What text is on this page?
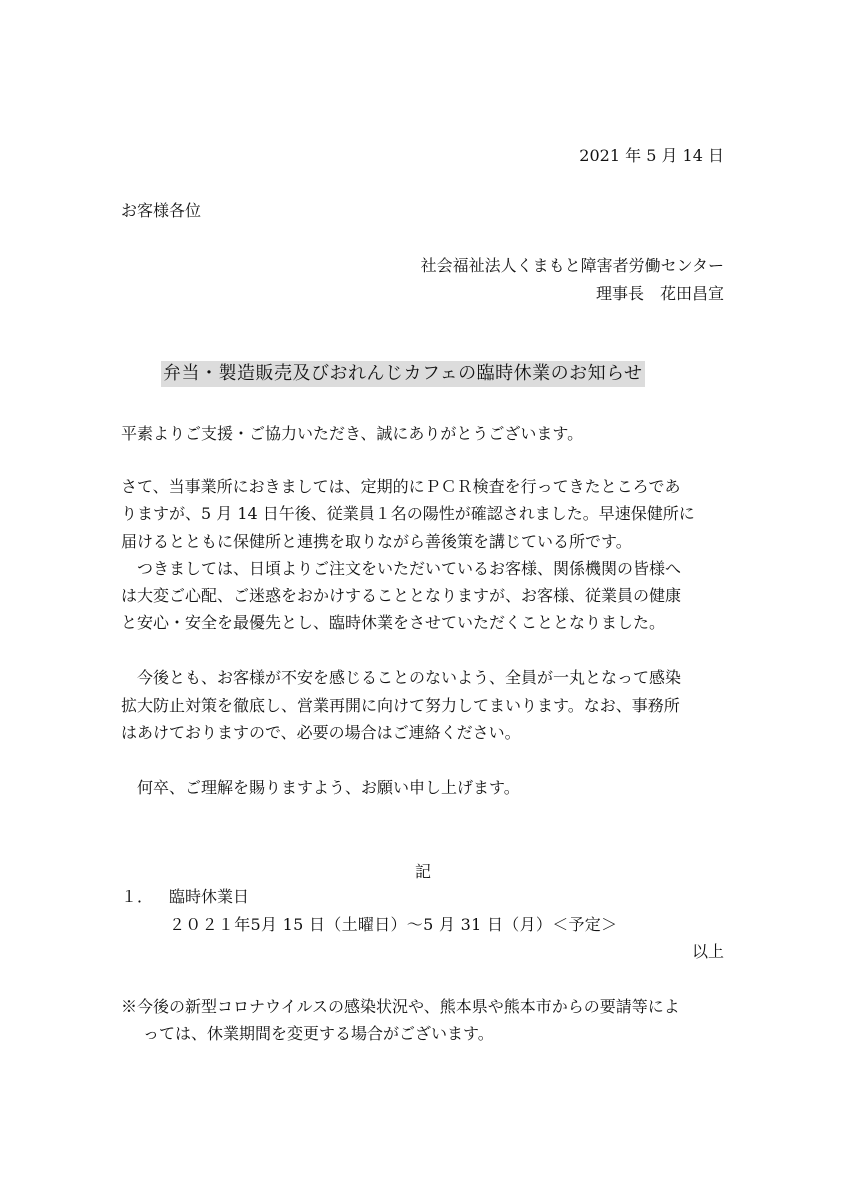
2021 年 5 月 14 日

お客様各位

社会福祉法人くまもと障害者労働センター

理事長　花田昌宣

弁当・製造販売及びおれんじカフェの臨時休業のお知らせ

平素よりご支援・ご協力いただき、誠にありがとうございます。

さて、当事業所におきましては、定期的にＰＣＲ検査を行ってきたところであ

りますが、5 月 14 日午後、従業員１名の陽性が確認されました。早速保健所に

届けるとともに保健所と連携を取りながら善後策を講じている所です。

　つきましては、日頃よりご注文をいただいているお客様、関係機関の皆様へ

は大変ご心配、ご迷惑をおかけすることとなりますが、お客様、従業員の健康

と安心・安全を最優先とし、臨時休業をさせていただくこととなりました。

　今後とも、お客様が不安を感じることのないよう、全員が一丸となって感染

拡大防止対策を徹底し、営業再開に向けて努力してまいります。なお、事務所

はあけておりますので、必要の場合はご連絡ください。

　何卒、ご理解を賜りますよう、お願い申し上げます。

記

１． 臨時休業日

２０２１年5月 15 日（土曜日）～5 月 31 日（月）＜予定＞

以上

※今後の新型コロナウイルスの感染状況や、熊本県や熊本市からの要請等によ

っては、休業期間を変更する場合がございます。
